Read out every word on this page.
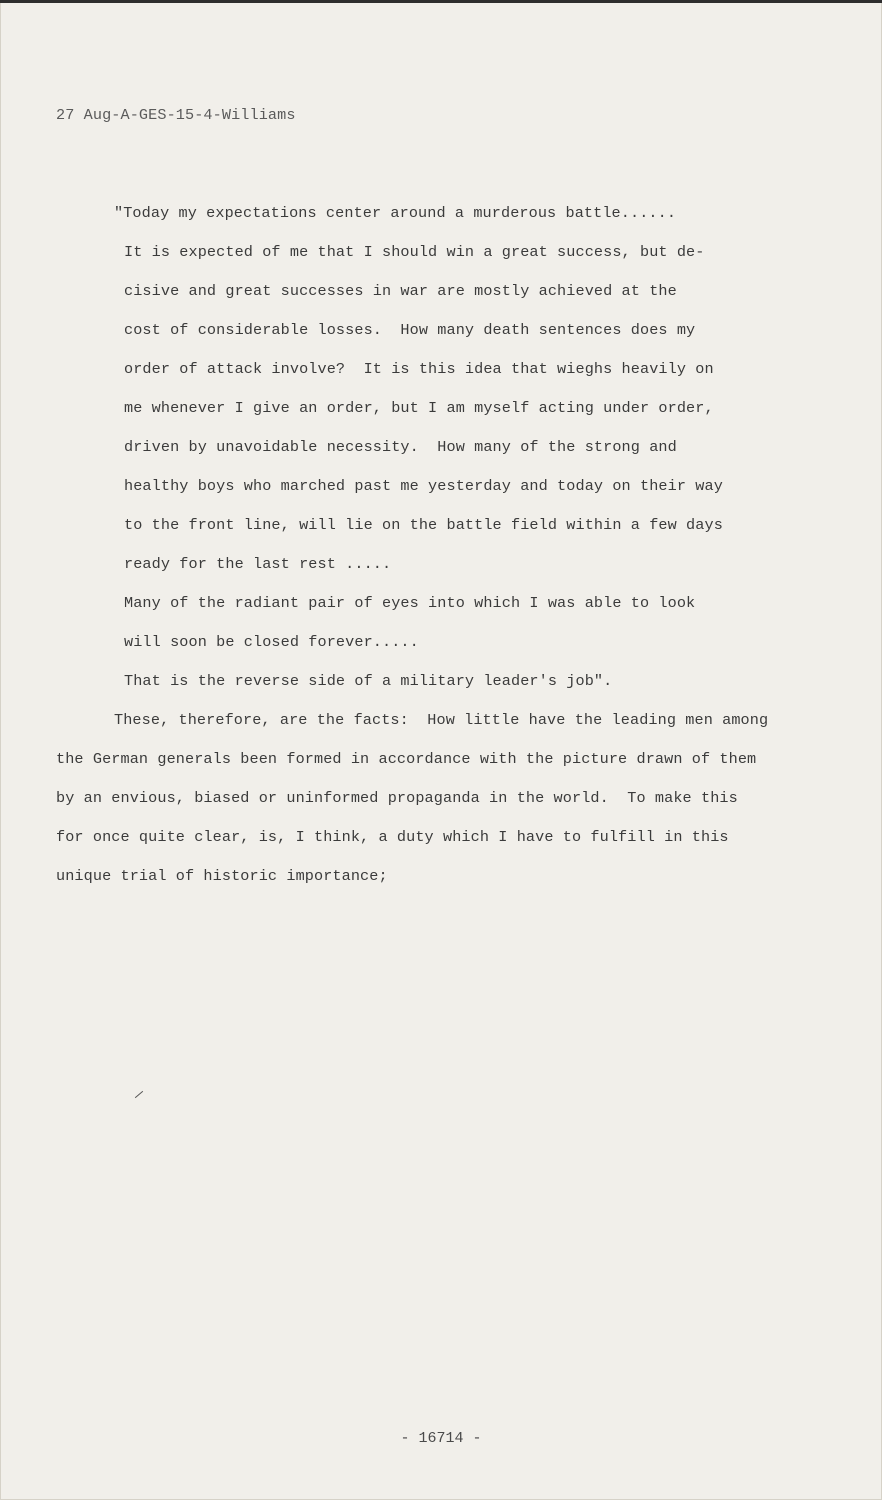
27 Aug-A-GES-15-4-Williams
"Today my expectations center around a murderous battle......
It is expected of me that I should win a great success, but de-
cisive and great successes in war are mostly achieved at the
cost of considerable losses.  How many death sentences does my
order of attack involve?  It is this idea that wieghs heavily on
me whenever I give an order, but I am myself acting under order,
driven by unavoidable necessity.  How many of the strong and
healthy boys who marched past me yesterday and today on their way
to the front line, will lie on the battle field within a few days
ready for the last rest .....
Many of the radiant pair of eyes into which I was able to look
will soon be closed forever.....
That is the reverse side of a military leader's job".
These, therefore, are the facts:  How little have the leading men among
the German generals been formed in accordance with the picture drawn of them
by an envious, biased or uninformed propaganda in the world.  To make this
for once quite clear, is, I think, a duty which I have to fulfill in this
unique trial of historic importance;
- 16714 -
